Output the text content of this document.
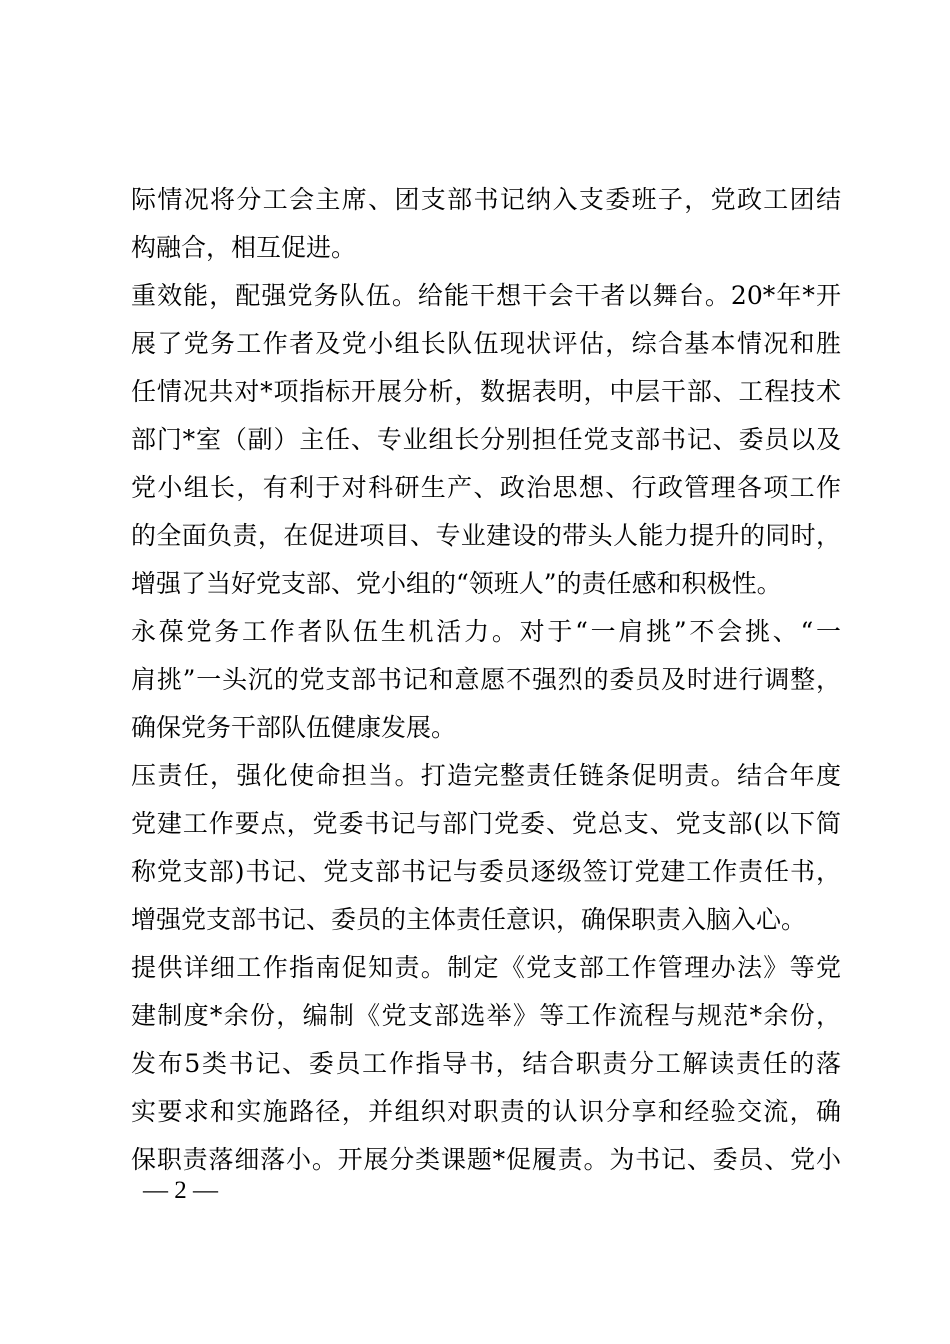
际情况将分工会主席、团支部书记纳入支委班子，党政工团结
构融合，相互促进。
重效能，配强党务队伍。给能干想干会干者以舞台。20*年*开
展了党务工作者及党小组长队伍现状评估，综合基本情况和胜
任情况共对*项指标开展分析，数据表明，中层干部、工程技术
部门*室（副）主任、专业组长分别担任党支部书记、委员以及
党小组长，有利于对科研生产、政治思想、行政管理各项工作
的全面负责，在促进项目、专业建设的带头人能力提升的同时，
增强了当好党支部、党小组的“领班人”的责任感和积极性。
永葆党务工作者队伍生机活力。对于“一肩挑”不会挑、“一
肩挑”一头沉的党支部书记和意愿不强烈的委员及时进行调整，
确保党务干部队伍健康发展。
压责任，强化使命担当。打造完整责任链条促明责。结合年度
党建工作要点，党委书记与部门党委、党总支、党支部(以下简
称党支部)书记、党支部书记与委员逐级签订党建工作责任书，
增强党支部书记、委员的主体责任意识，确保职责入脑入心。
提供详细工作指南促知责。制定《党支部工作管理办法》等党
建制度*余份，编制《党支部选举》等工作流程与规范*余份，
发布5类书记、委员工作指导书，结合职责分工解读责任的落
实要求和实施路径，并组织对职责的认识分享和经验交流，确
保职责落细落小。开展分类课题*促履责。为书记、委员、党小
— 2 —
